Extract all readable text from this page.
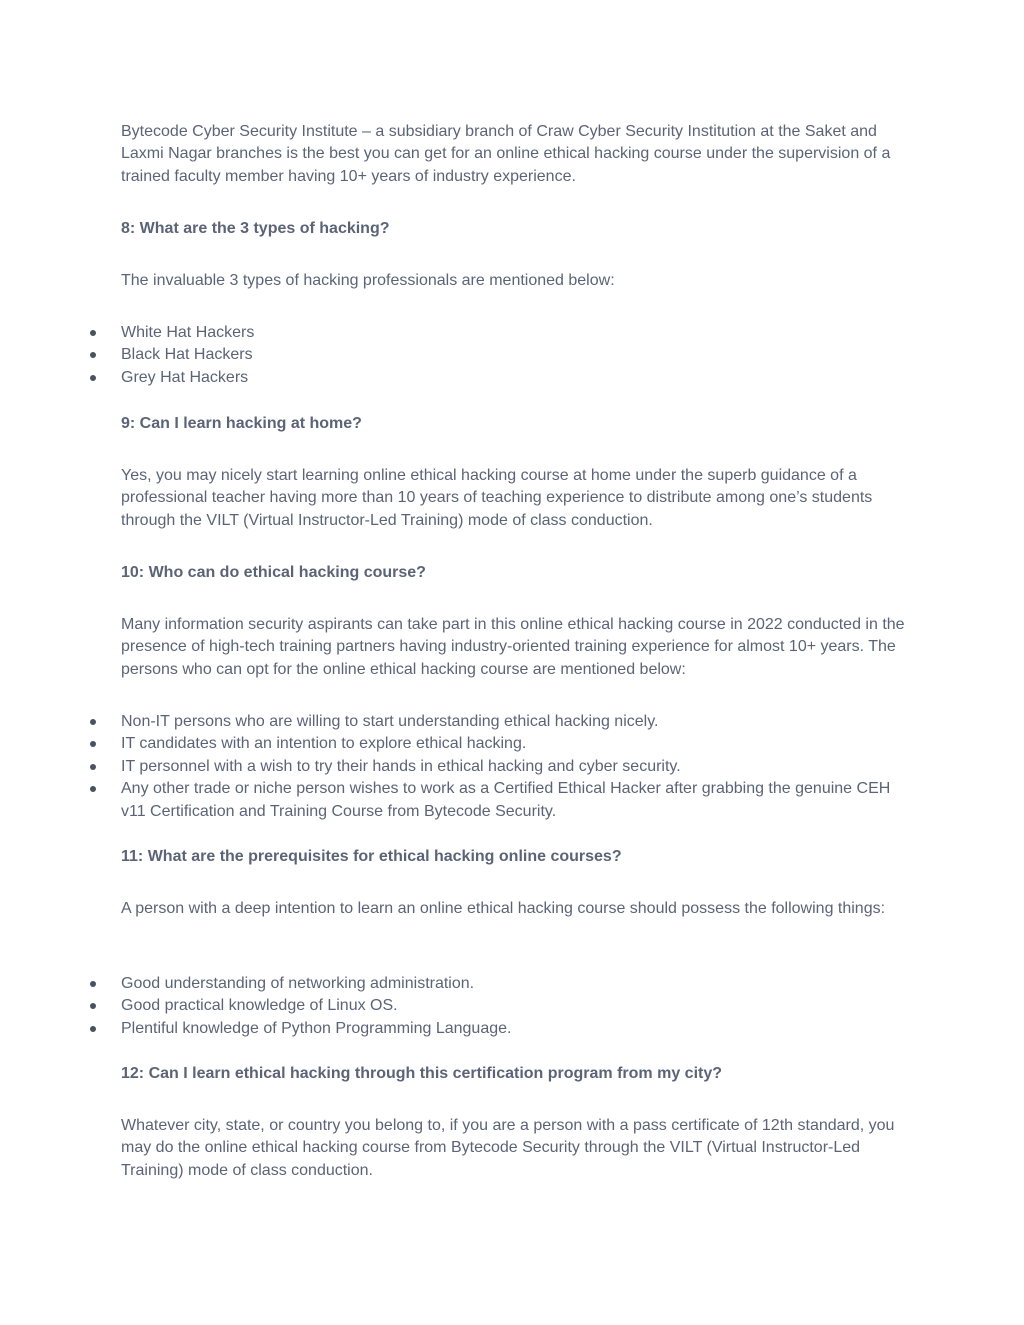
Bytecode Cyber Security Institute – a subsidiary branch of Craw Cyber Security Institution at the Saket and Laxmi Nagar branches is the best you can get for an online ethical hacking course under the supervision of a trained faculty member having 10+ years of industry experience.

8: What are the 3 types of hacking?

The invaluable 3 types of hacking professionals are mentioned below:

White Hat Hackers
Black Hat Hackers
Grey Hat Hackers

9: Can I learn hacking at home?

Yes, you may nicely start learning online ethical hacking course at home under the superb guidance of a professional teacher having more than 10 years of teaching experience to distribute among one’s students through the VILT (Virtual Instructor-Led Training) mode of class conduction.

10: Who can do ethical hacking course?

Many information security aspirants can take part in this online ethical hacking course in 2022 conducted in the presence of high-tech training partners having industry-oriented training experience for almost 10+ years. The persons who can opt for the online ethical hacking course are mentioned below:

Non-IT persons who are willing to start understanding ethical hacking nicely.
IT candidates with an intention to explore ethical hacking.
IT personnel with a wish to try their hands in ethical hacking and cyber security.
Any other trade or niche person wishes to work as a Certified Ethical Hacker after grabbing the genuine CEH v11 Certification and Training Course from Bytecode Security.

11: What are the prerequisites for ethical hacking online courses?

A person with a deep intention to learn an online ethical hacking course should possess the following things:

Good understanding of networking administration.
Good practical knowledge of Linux OS.
Plentiful knowledge of Python Programming Language.

12: Can I learn ethical hacking through this certification program from my city?

Whatever city, state, or country you belong to, if you are a person with a pass certificate of 12th standard, you may do the online ethical hacking course from Bytecode Security through the VILT (Virtual Instructor-Led Training) mode of class conduction.
